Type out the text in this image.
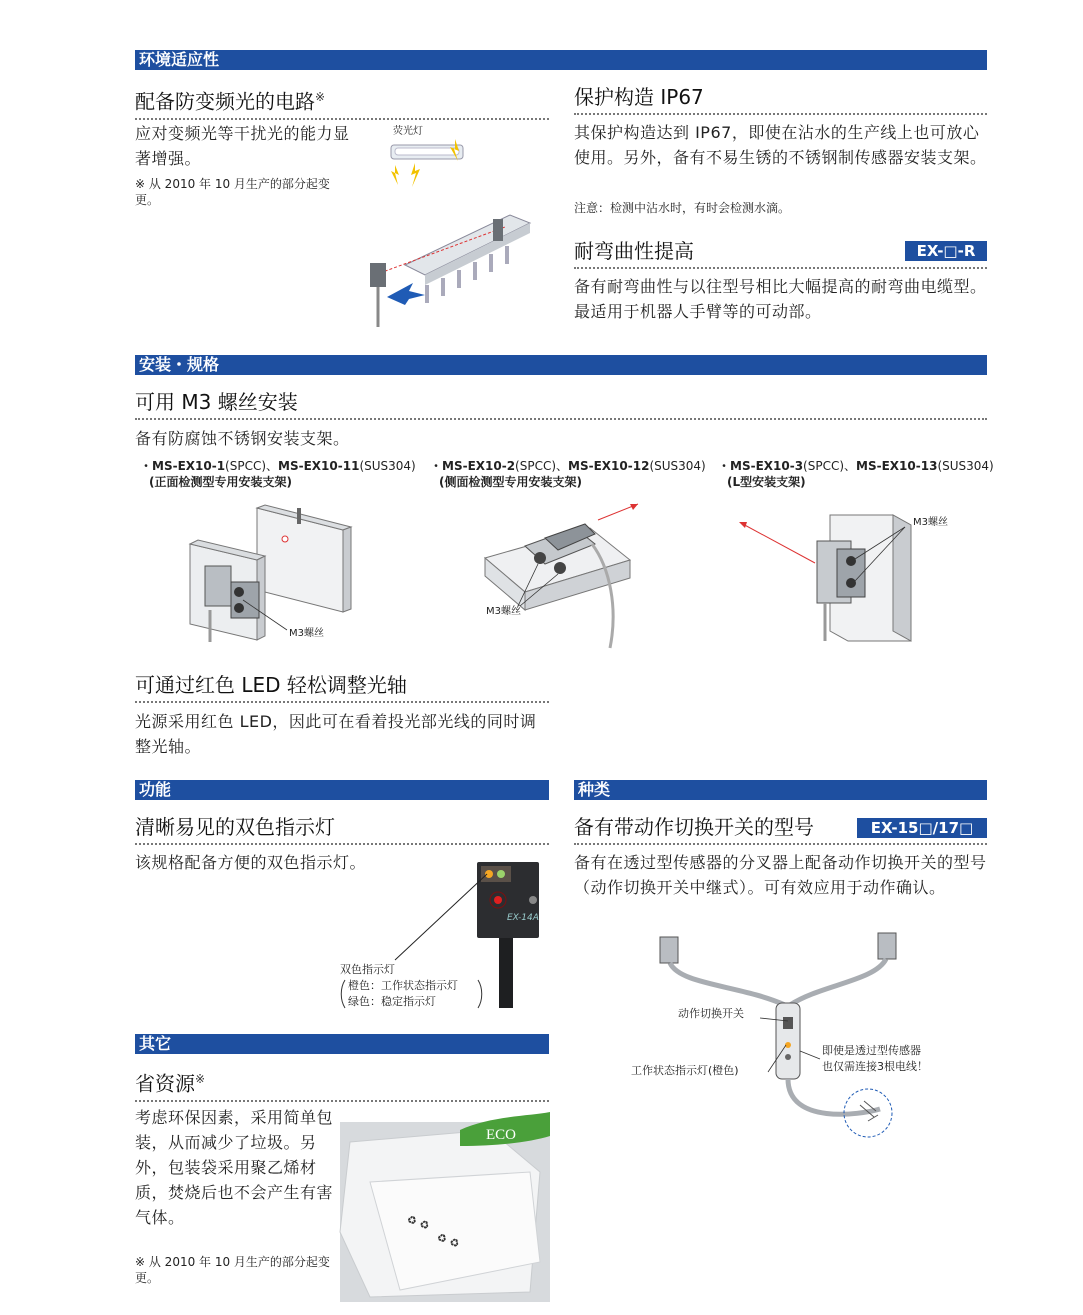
环境适应性
配备防变频光的电路※
应对变频光等干扰光的能力显著增强。
※ 从 2010 年 10 月生产的部分起变更。
荧光灯
保护构造 IP67
其保护构造达到 IP67，即使在沾水的生产线上也可放心使用。另外，备有不易生锈的不锈钢制传感器安装支架。
注意：检测中沾水时，有时会检测水滴。
耐弯曲性提高	EX-□-R
备有耐弯曲性与以往型号相比大幅提高的耐弯曲电缆型。最适用于机器人手臂等的可动部。
安装・规格
可用 M3 螺丝安装
备有防腐蚀不锈钢安装支架。
・MS-EX10-1(SPCC)、MS-EX10-11(SUS304)
(正面检测型专用安装支架)
・MS-EX10-2(SPCC)、MS-EX10-12(SUS304)
(侧面检测型专用安装支架)
・MS-EX10-3(SPCC)、MS-EX10-13(SUS304)
(L型安装支架)
M3螺丝
M3螺丝
M3螺丝
可通过红色 LED 轻松调整光轴
光源采用红色 LED，因此可在看着投光部光线的同时调整光轴。
功能
清晰易见的双色指示灯
该规格配备方便的双色指示灯。
EX-14A
双色指示灯
橙色：工作状态指示灯
绿色：稳定指示灯
其它
省资源※
考虑环保因素，采用简单包装，从而减少了垃圾。另外，包装袋采用聚乙烯材质，焚烧后也不会产生有害气体。
※ 从 2010 年 10 月生产的部分起变更。
ECO
♻ ♻
♻ ♻
种类
备有带动作切换开关的型号	EX-15□/17□
备有在透过型传感器的分叉器上配备动作切换开关的型号（动作切换开关中继式）。可有效应用于动作确认。
动作切换开关
工作状态指示灯(橙色)
即使是透过型传感器
也仅需连接3根电线！
